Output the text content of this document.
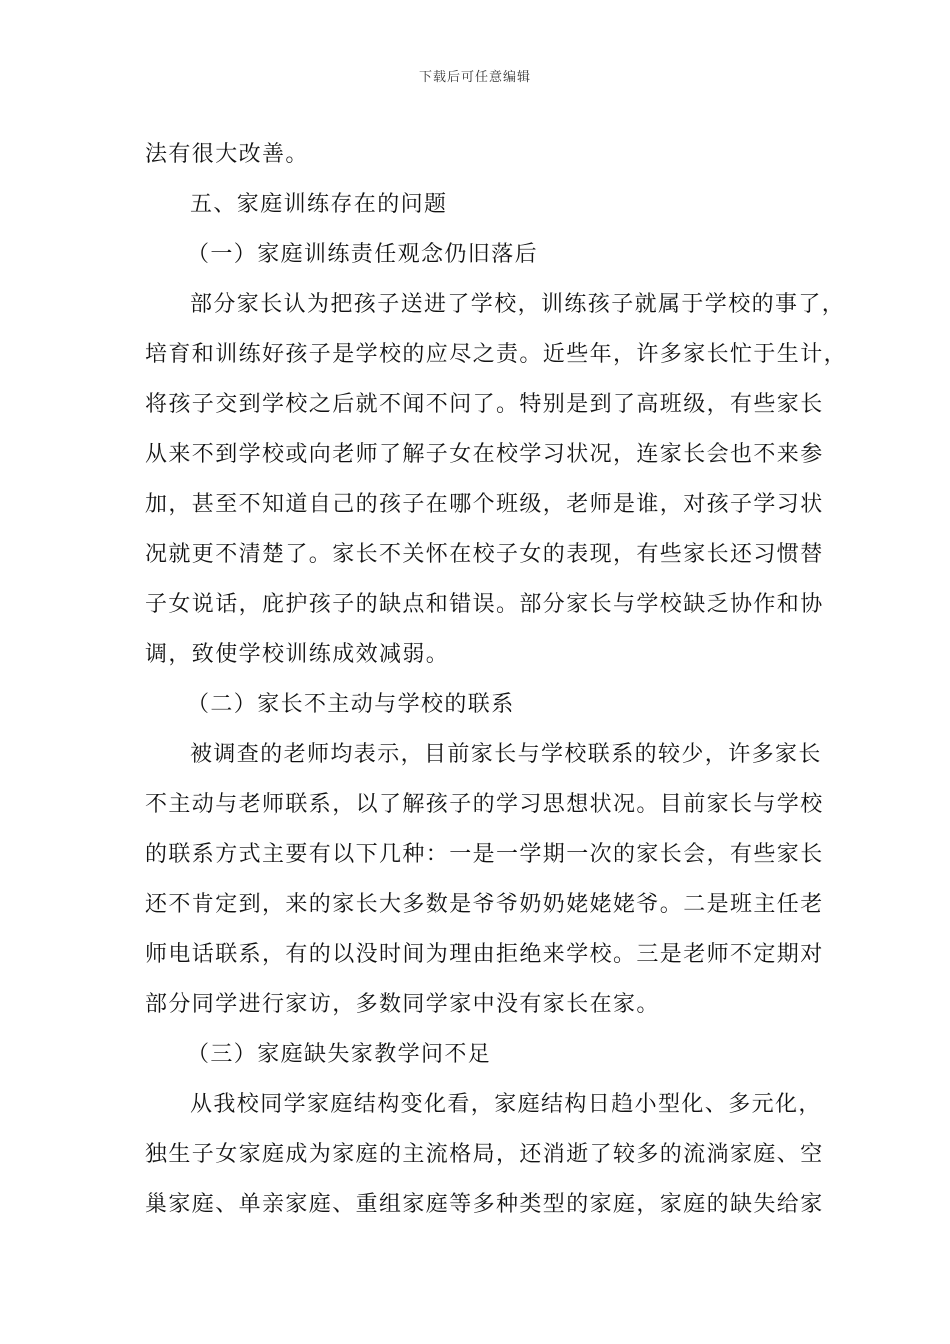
下载后可任意编辑
法有很大改善。
五、家庭训练存在的问题
（一）家庭训练责任观念仍旧落后
部分家长认为把孩子送进了学校，训练孩子就属于学校的事了，
培育和训练好孩子是学校的应尽之责。近些年，许多家长忙于生计，
将孩子交到学校之后就不闻不问了。特别是到了高班级，有些家长
从来不到学校或向老师了解子女在校学习状况，连家长会也不来参
加，甚至不知道自己的孩子在哪个班级，老师是谁，对孩子学习状
况就更不清楚了。家长不关怀在校子女的表现，有些家长还习惯替
子女说话，庇护孩子的缺点和错误。部分家长与学校缺乏协作和协
调，致使学校训练成效减弱。
（二）家长不主动与学校的联系
被调查的老师均表示，目前家长与学校联系的较少，许多家长
不主动与老师联系，以了解孩子的学习思想状况。目前家长与学校
的联系方式主要有以下几种：一是一学期一次的家长会，有些家长
还不肯定到，来的家长大多数是爷爷奶奶姥姥姥爷。二是班主任老
师电话联系，有的以没时间为理由拒绝来学校。三是老师不定期对
部分同学进行家访，多数同学家中没有家长在家。
（三）家庭缺失家教学问不足
从我校同学家庭结构变化看，家庭结构日趋小型化、多元化，
独生子女家庭成为家庭的主流格局，还消逝了较多的流淌家庭、空
巢家庭、单亲家庭、重组家庭等多种类型的家庭，家庭的缺失给家
